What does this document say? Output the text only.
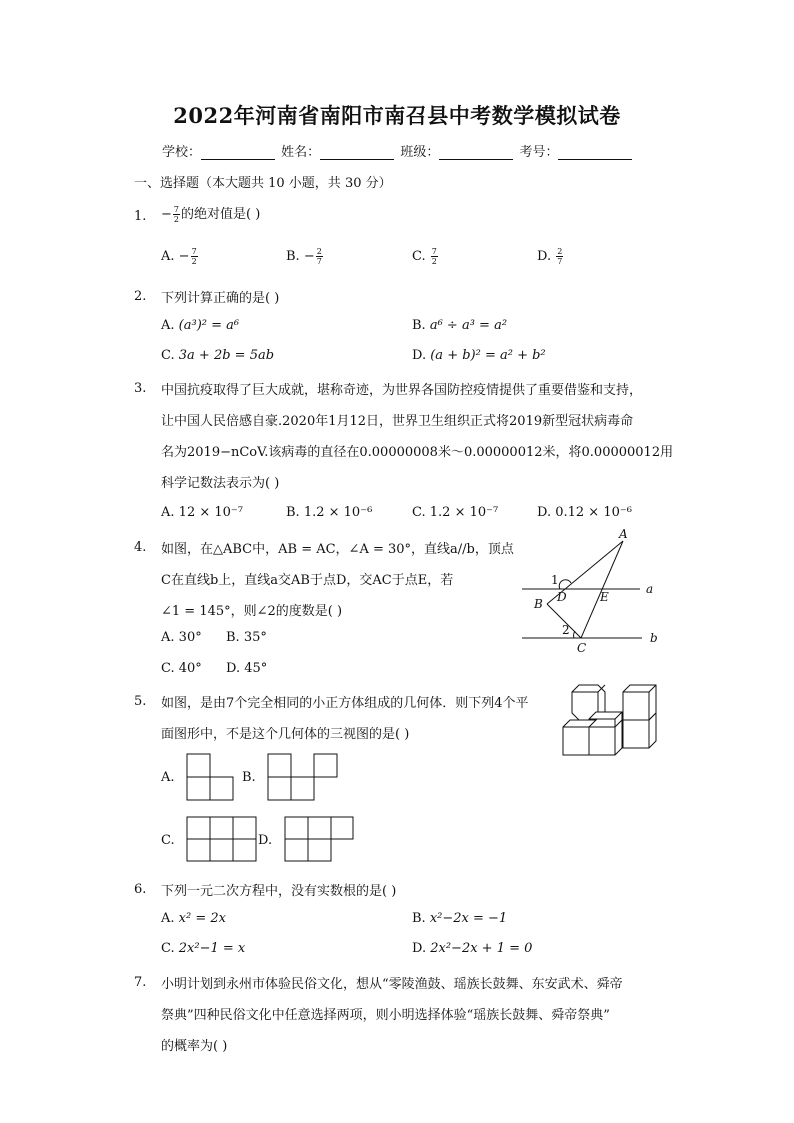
2022年河南省南阳市南召县中考数学模拟试卷
学校：	姓名：	班级：	考号：
一、选择题（本大题共 10 小题，共 30 分）
1. − $\frac{7}{2}$ 的绝对值是( )
A. − $\frac{7}{2}$	B. − $\frac{2}{7}$	C. $\frac{7}{2}$	D. $\frac{2}{7}$
2. 下列计算正确的是( )
A. (a³)² = a⁶	B. a⁶ ÷ a³ = a²
C. 3a + 2b = 5ab	D. (a + b)² = a² + b²
3. 中国抗疫取得了巨大成就，堪称奇迹，为世界各国防控疫情提供了重要借鉴和支持，
让中国人民倍感自豪.2020年1月12日，世界卫生组织正式将2019新型冠状病毒命
名为2019−nCoV.该病毒的直径在0.00000008米～0.00000012米，将0.00000012用
科学记数法表示为( )
A. 12 × 10⁻⁷	B. 1.2 × 10⁻⁶	C. 1.2 × 10⁻⁷	D. 0.12 × 10⁻⁶
4. 如图，在△ABC中，AB = AC，∠A = 30°，直线a//b，顶点
C在直线b上，直线a交AB于点D，交AC于点E，若
∠1 = 145°，则∠2的度数是( )
A. 30° B. 35°
C. 40° D. 45°
A
B
C
D	E
a
b
1
2
5. 如图，是由7个完全相同的小正方体组成的几何体．则下列4个平
面图形中，不是这个几何体的三视图的是( )
A.	B.
C.	D.
6. 下列一元二次方程中，没有实数根的是( )
A. x² = 2x	B. x²−2x = −1
C. 2x²−1 = x	D. 2x²−2x + 1 = 0
7. 小明计划到永州市体验民俗文化，想从“零陵渔鼓、瑶族长鼓舞、东安武术、舜帝
祭典”四种民俗文化中任意选择两项，则小明选择体验“瑶族长鼓舞、舜帝祭典”
的概率为( )
